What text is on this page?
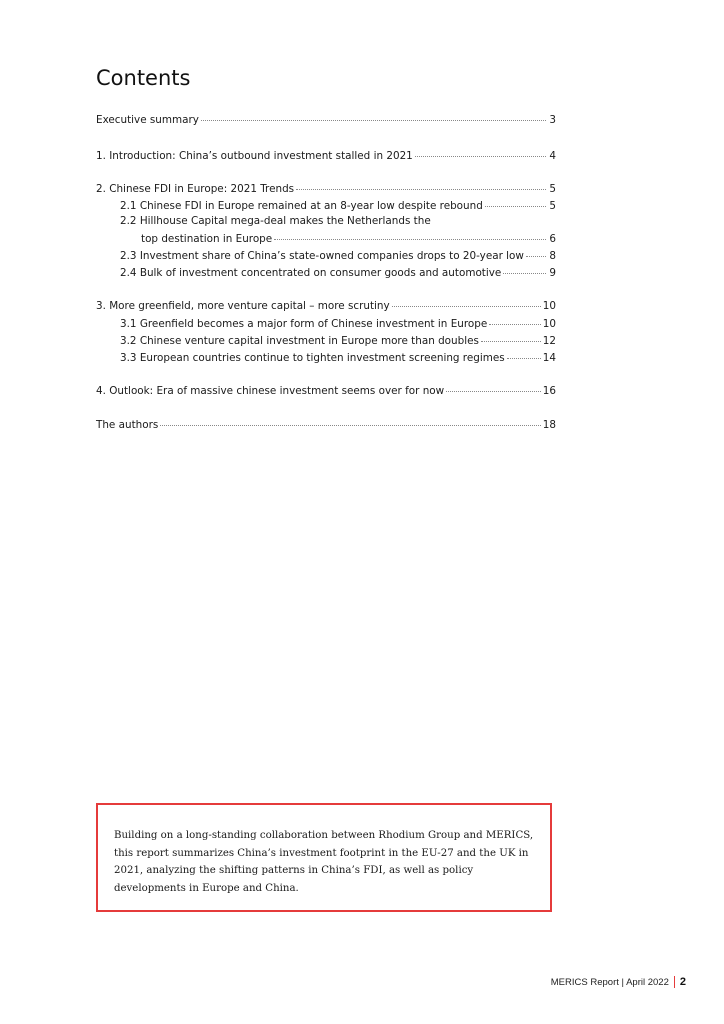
Contents
Executive summary	3
1. Introduction: China’s outbound investment stalled in 2021	4
2. Chinese FDI in Europe: 2021 Trends	5
2.1 Chinese FDI in Europe remained at an 8-year low despite rebound	5
2.2 Hillhouse Capital mega-deal makes the Netherlands the
top destination in Europe	6
2.3 Investment share of China’s state-owned companies drops to 20-year low 8
2.4 Bulk of investment concentrated on consumer goods and automotive	9
3. More greenfield, more venture capital – more scrutiny	10
3.1 Greenfield becomes a major form of Chinese investment in Europe	10
3.2 Chinese venture capital investment in Europe more than doubles	12
3.3 European countries continue to tighten investment screening regimes	14
4. Outlook: Era of massive chinese investment seems over for now	16
The authors	18

Building on a long-standing collaboration between Rhodium Group and MERICS, this report summarizes China’s investment footprint in the EU-27 and the UK in 2021, analyzing the shifting patterns in China’s FDI, as well as policy developments in Europe and China.

MERICS Report | April 2022 2
